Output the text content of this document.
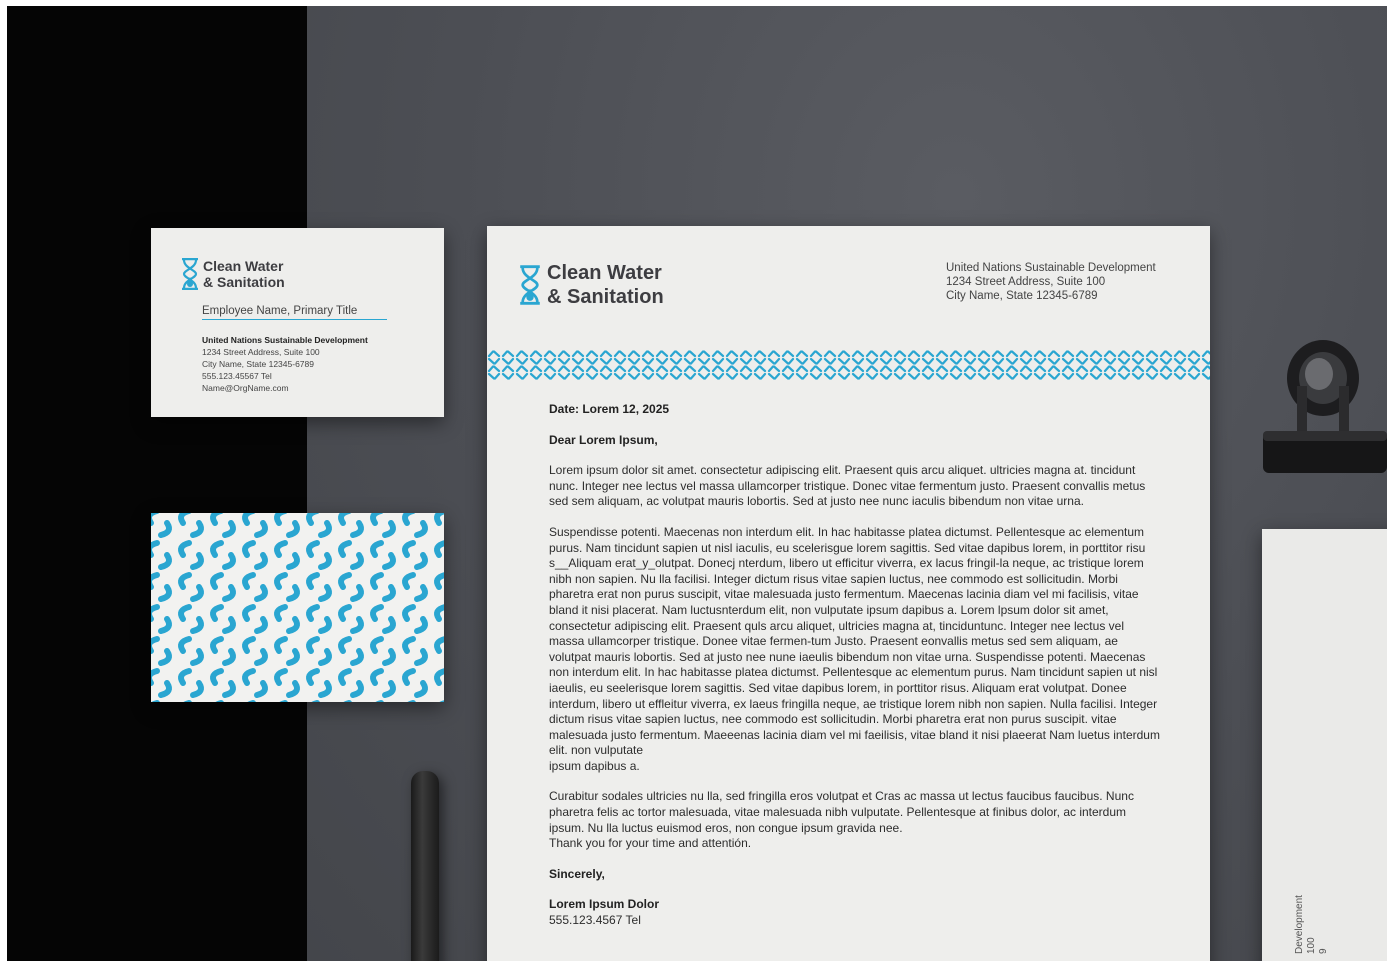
Clean Water
& Sanitation
Employee Name, Primary Title
United Nations Sustainable Development
1234 Street Address, Suite 100
City Name, State 12345-6789
555.123.45567 Tel
Name@OrgName.com
Clean Water
& Sanitation
United Nations Sustainable Development
1234 Street Address, Suite 100
City Name, State 12345-6789

Date: Lorem 12, 2025

Dear Lorem Ipsum,

Lorem ipsum dolor sit amet. consectetur adipiscing elit. Praesent quis arcu aliquet. ultricies magna at. tincidunt nunc. Integer nee lectus vel massa ullamcorper tristique. Donec vitae fermentum justo. Praesent convallis metus sed sem aliquam, ac volutpat mauris lobortis. Sed at justo nee nunc iaculis bibendum non vitae urna.

Suspendisse potenti. Maecenas non interdum elit. In hac habitasse platea dictumst. Pellentesque ac elementum purus. Nam tincidunt sapien ut nisl iaculis, eu scelerisgue lorem sagittis. Sed vitae dapibus lorem, in porttitor risu s__Aliquam erat_y_olutpat. Donecj nterdum, libero ut efficitur viverra, ex lacus fringil-la neque, ac tristique lorem nibh non sapien. Nu lla facilisi. Integer dictum risus vitae sapien luctus, nee commodo est sollicitudin. Morbi pharetra erat non purus suscipit, vitae malesuada justo fermentum. Maecenas lacinia diam vel mi facilisis, vitae bland it nisi placerat. Nam luctusnterdum elit, non vulputate ipsum dapibus a. Lorem lpsum dolor sit amet, consectetur adipiscing elit. Praesent quls arcu aliquet, ultricies magna at, tinciduntunc. Integer nee lectus vel massa ullamcorper tristique. Donee vitae fermen-tum Justo. Praesent eonvallis metus sed sem aliquam, ae volutpat mauris lobortis. Sed at justo nee nune iaeulis bibendum non vitae urna. Suspendisse potenti. Maecenas non interdum elit. In hac habitasse platea dictumst. Pellentesque ac elementum purus. Nam tincidunt sapien ut nisl iaeulis, eu seelerisque lorem sagittis. Sed vitae dapibus lorem, in porttitor risus. Aliquam erat volutpat. Donee interdum, libero ut effleitur viverra, ex laeus fringilla neque, ae tristique lorem nibh non sapien. Nulla facilisi. Integer dictum risus vitae sapien luctus, nee commodo est sollicitudin. Morbi pharetra erat non purus suscipit. vitae malesuada justo fermentum. Maeeenas lacinia diam vel mi faeilisis, vitae bland it nisi plaeerat Nam luetus interdum elit. non vulputate

ipsum dapibus a.

Curabitur sodales ultricies nu lla, sed fringilla eros volutpat et Cras ac massa ut lectus faucibus faucibus. Nunc pharetra felis ac tortor malesuada, vitae malesuada nibh vulputate. Pellentesque at finibus dolor, ac interdum ipsum. Nu lla luctus euismod eros, non congue ipsum gravida nee.

Thank you for your time and attentión.

Sincerely,

Lorem Ipsum Dolor

555.123.4567 Tel	Development 100 9
